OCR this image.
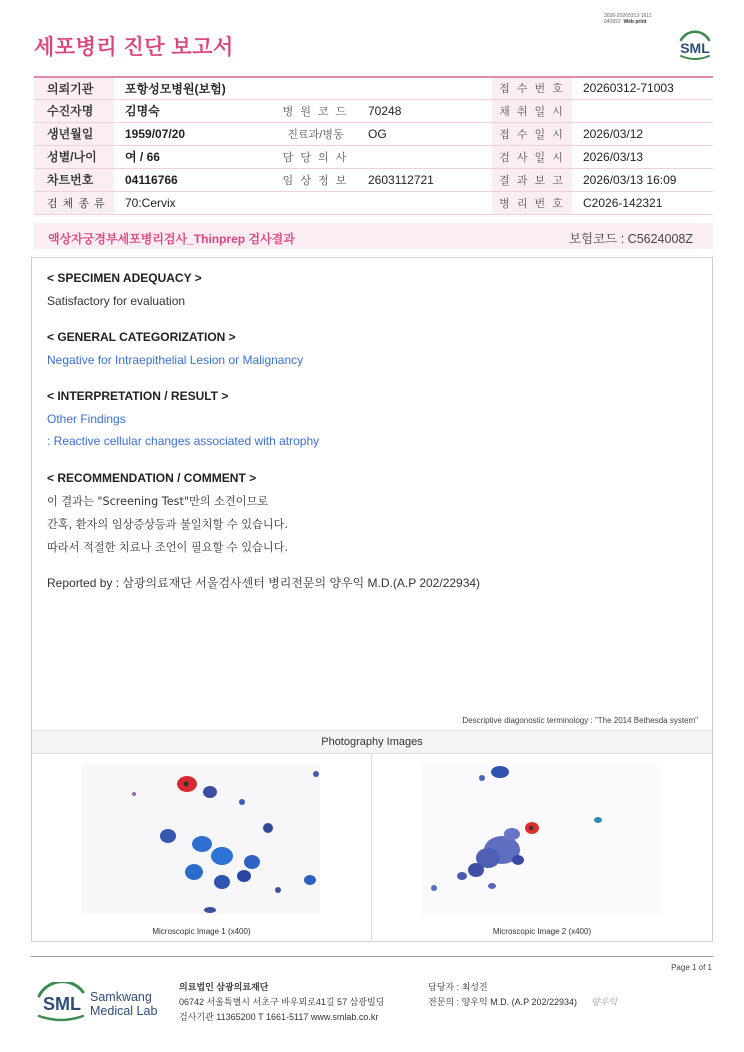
3036-20260313-1611
040822 Web print
세포병리 진단 보고서	SML
의뢰기관	포항성모병원(보험)			접 수 번 호	20260312-71003
수진자명	김명숙	병 원 코 드	70248	채 취 일 시	
생년월일	1959/07/20	진료과/병동	OG	접 수 일 시	2026/03/12
성별/나이	여 / 66	담 당 의 사		검 사 일 시	2026/03/13
차트번호	04116766	임 상 정 보	2603112721	결 과 보 고	2026/03/13 16:09
검 체 종 류	70:Cervix			병 리 번 호	C2026-142321
액상자궁경부세포병리검사_Thinprep 검사결과	보험코드 : C5624008Z
< SPECIMEN ADEQUACY >
Satisfactory for evaluation
< GENERAL CATEGORIZATION >
Negative for Intraepithelial Lesion or Malignancy
< INTERPRETATION / RESULT >
Other Findings
: Reactive cellular changes associated with atrophy
< RECOMMENDATION / COMMENT >
이 결과는 "Screening Test"만의 소견이므로
간혹, 환자의 임상증상등과 불일치할 수 있습니다.
따라서 적절한 치료나 조언이 필요할 수 있습니다.
Reported by : 삼광의료재단 서울검사센터 병리전문의 양우익 M.D.(A.P 202/22934)
Descriptive diagonostic terminology : "The 2014 Bethesda system"
Photography Images
Microscopic Image 1 (x400)	Microscopic Image 2 (x400)
Page 1 of 1
SML Samkwang
Medical Lab
의료법인 삼광의료재단
06742 서울특별시 서초구 바우뫼로41길 57 삼광빌딩
검사기관 11365200 T 1661-5117 www.smlab.co.kr
담당자 : 최성진
전문의 : 양우익 M.D. (A.P 202/22934) 양우익
